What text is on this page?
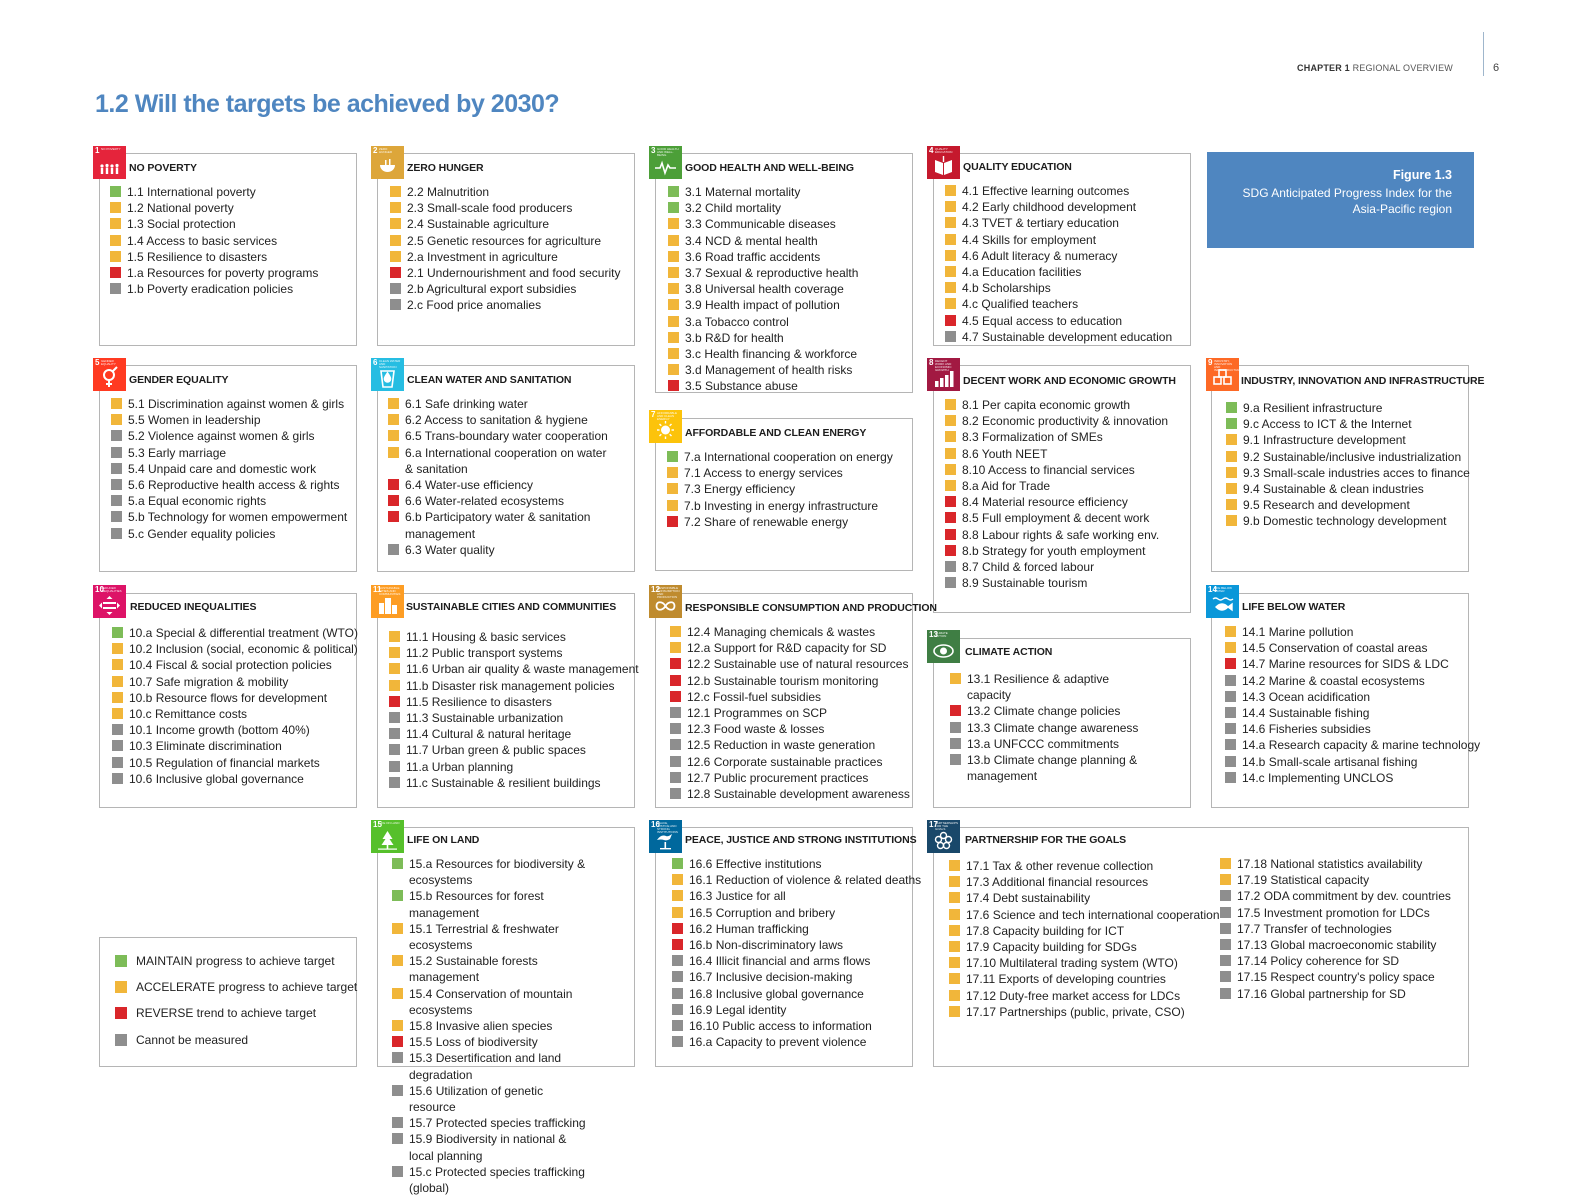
CHAPTER 1 REGIONAL OVERVIEW	6
1.2 Will the targets be achieved by 2030?
Figure 1.3
SDG Anticipated Progress Index for the Asia-Pacific region
1 NO POVERTY
NO POVERTY
1.1 International poverty
1.2 National poverty
1.3 Social protection
1.4 Access to basic services
1.5 Resilience to disasters
1.a Resources for poverty programs
1.b Poverty eradication policies
2 ZERO HUNGER
ZERO HUNGER
2.2 Malnutrition
2.3 Small-scale food producers
2.4 Sustainable agriculture
2.5 Genetic resources for agriculture
2.a Investment in agriculture
2.1 Undernourishment and food security
2.b Agricultural export subsidies
2.c Food price anomalies
3 GOOD HEALTH AND WELL-BEING
GOOD HEALTH AND WELL-BEING
3.1 Maternal mortality
3.2 Child mortality
3.3 Communicable diseases
3.4 NCD & mental health
3.6 Road traffic accidents
3.7 Sexual & reproductive health
3.8 Universal health coverage
3.9 Health impact of pollution
3.a Tobacco control
3.b R&D for health
3.c Health financing & workforce
3.d Management of health risks
3.5 Substance abuse
4 QUALITY EDUCATION
QUALITY EDUCATION
4.1 Effective learning outcomes
4.2 Early childhood development
4.3 TVET & tertiary education
4.4 Skills for employment
4.6 Adult literacy & numeracy
4.a Education facilities
4.b Scholarships
4.c Qualified teachers
4.5 Equal access to education
4.7 Sustainable development education
5 GENDER EQUALITY
GENDER EQUALITY
5.1 Discrimination against women & girls
5.5 Women in leadership
5.2 Violence against women & girls
5.3 Early marriage
5.4 Unpaid care and domestic work
5.6 Reproductive health access & rights
5.a Equal economic rights
5.b Technology for women empowerment
5.c Gender equality policies
6 CLEAN WATER AND SANITATION
CLEAN WATER AND SANITATION
6.1 Safe drinking water
6.2 Access to sanitation & hygiene
6.5 Trans-boundary water cooperation
6.a International cooperation on water & sanitation
6.4 Water-use efficiency
6.6 Water-related ecosystems
6.b Participatory water & sanitation management
6.3 Water quality
7 AFFORDABLE AND CLEAN ENERGY
AFFORDABLE AND CLEAN ENERGY
7.a International cooperation on energy
7.1 Access to energy services
7.3 Energy efficiency
7.b Investing in energy infrastructure
7.2 Share of renewable energy
8 DECENT WORK AND ECONOMIC GROWTH
DECENT WORK AND ECONOMIC GROWTH
8.1 Per capita economic growth
8.2 Economic productivity & innovation
8.3 Formalization of SMEs
8.6 Youth NEET
8.10 Access to financial services
8.a Aid for Trade
8.4 Material resource efficiency
8.5 Full employment & decent work
8.8 Labour rights & safe working env.
8.b Strategy for youth employment
8.7 Child & forced labour
8.9 Sustainable tourism
9 INDUSTRY, INNOVATION AND INFRASTRUCTURE
INDUSTRY, INNOVATION AND INFRASTRUCTURE
9.a Resilient infrastructure
9.c Access to ICT & the Internet
9.1 Infrastructure development
9.2 Sustainable/inclusive industrialization
9.3 Small-scale industries acces to finance
9.4 Sustainable & clean industries
9.5 Research and development
9.b Domestic technology development
10
REDUCED INEQUALITIES
REDUCED INEQUALITIES
10.a Special & differential treatment (WTO)
10.2 Inclusion (social, economic & political)
10.4 Fiscal & social protection policies
10.7 Safe migration & mobility
10.b Resource flows for development
10.c Remittance costs
10.1 Income growth (bottom 40%)
10.3 Eliminate discrimination
10.5 Regulation of financial markets
10.6 Inclusive global governance
11
SUSTAINABLE CITIES AND COMMUNITIES
SUSTAINABLE CITIES AND COMMUNITIES
11.1 Housing & basic services
11.2 Public transport systems
11.6 Urban air quality & waste management
11.b Disaster risk management policies
11.5 Resilience to disasters
11.3 Sustainable urbanization
11.4 Cultural & natural heritage
11.7 Urban green & public spaces
11.a Urban planning
11.c Sustainable & resilient buildings
12
RESPONSIBLE CONSUMPTION AND PRODUCTION
RESPONSIBLE CONSUMPTION AND PRODUCTION
12.4 Managing chemicals & wastes
12.a Support for R&D capacity for SD
12.2 Sustainable use of natural resources
12.b Sustainable tourism monitoring
12.c Fossil-fuel subsidies
12.1 Programmes on SCP
12.3 Food waste & losses
12.5 Reduction in waste generation
12.6 Corporate sustainable practices
12.7 Public procurement practices
12.8 Sustainable development awareness
13
CLIMATE ACTION
CLIMATE ACTION
13.1 Resilience & adaptive capacity
13.2 Climate change policies
13.3 Climate change awareness
13.a UNFCCC commitments
13.b Climate change planning & management
14
LIFE BELOW WATER
LIFE BELOW WATER
14.1 Marine pollution
14.5 Conservation of coastal areas
14.7 Marine resources for SIDS & LDC
14.2 Marine & coastal ecosystems
14.3 Ocean acidification
14.4 Sustainable fishing
14.6 Fisheries subsidies
14.a Research capacity & marine technology
14.b Small-scale artisanal fishing
14.c Implementing UNCLOS
15
LIFE ON LAND
LIFE ON LAND
15.a Resources for biodiversity & ecosystems
15.b Resources for forest management
15.1 Terrestrial & freshwater ecosystems
15.2 Sustainable forests management
15.4 Conservation of mountain ecosystems
15.8 Invasive alien species
15.5 Loss of biodiversity
15.3 Desertification and land degradation
15.6 Utilization of genetic resource
15.7 Protected species trafficking
15.9 Biodiversity in national & local planning
15.c Protected species trafficking (global)
16
PEACE, JUSTICE AND STRONG INSTITUTIONS
PEACE, JUSTICE AND STRONG INSTITUTIONS
16.6 Effective institutions
16.1 Reduction of violence & related deaths
16.3 Justice for all
16.5 Corruption and bribery
16.2 Human trafficking
16.b Non-discriminatory laws
16.4 Illicit financial and arms flows
16.7 Inclusive decision-making
16.8 Inclusive global governance
16.9 Legal identity
16.10 Public access to information
16.a Capacity to prevent violence
17
PARTNERSHIPS FOR THE GOALS
PARTNERSHIP FOR THE GOALS
17.1 Tax & other revenue collection
17.3 Additional financial resources
17.4 Debt sustainability
17.6 Science and tech international cooperation
17.8 Capacity building for ICT
17.9 Capacity building for SDGs
17.10 Multilateral trading system (WTO)
17.11 Exports of developing countries
17.12 Duty-free market access for LDCs
17.17 Partnerships (public, private, CSO)
17.18 National statistics availability
17.19 Statistical capacity
17.2 ODA commitment by dev. countries
17.5 Investment promotion for LDCs
17.7 Transfer of technologies
17.13 Global macroeconomic stability
17.14 Policy coherence for SD
17.15 Respect country's policy space
17.16 Global partnership for SD
MAINTAIN progress to achieve target
ACCELERATE progress to achieve target
REVERSE trend to achieve target
Cannot be measured
